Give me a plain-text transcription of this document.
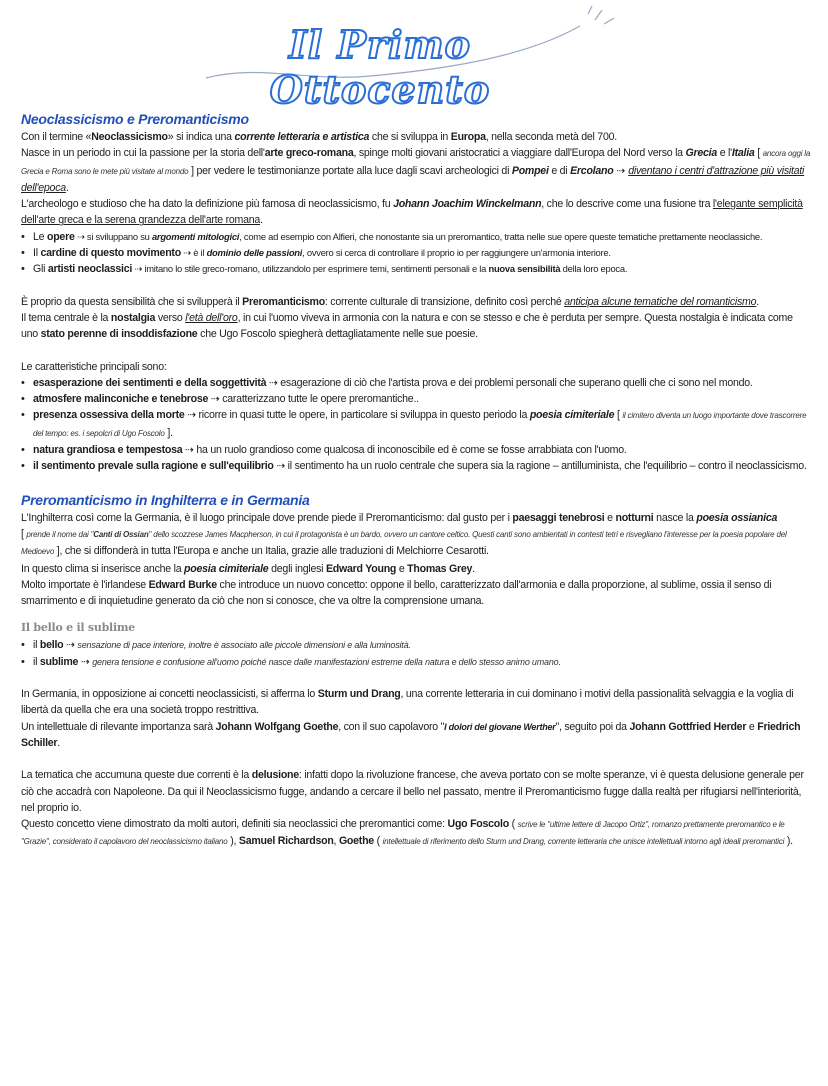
Il Primo Ottocento
Neoclassicismo e Preromanticismo

Con il termine «Neoclassicismo» si indica una corrente letteraria e artistica che si sviluppa in Europa, nella seconda metà del 700.

Nasce in un periodo in cui la passione per la storia dell'arte greco-romana, spinge molti giovani aristocratici a viaggiare dall'Europa del Nord verso la Grecia e l'Italia [ ancora oggi la Grecia e Roma sono le mete più visitate al mondo ] per vedere le testimonianze portate alla luce dagli scavi archeologici di Pompei e di Ercolano ⇢ diventano i centri d'attrazione più visitati dell'epoca.

L'archeologo e studioso che ha dato la definizione più famosa di neoclassicismo, fu Johann Joachim Winckelmann, che lo descrive come una fusione tra l'elegante semplicità dell'arte greca e la serena grandezza dell'arte romana.

• Le opere ⇢ si sviluppano su argomenti mitologici, come ad esempio con Alfieri, che nonostante sia un preromantico, tratta nelle sue opere queste tematiche prettamente neoclassiche.
• Il cardine di questo movimento ⇢ è il dominio delle passioni, ovvero si cerca di controllare il proprio io per raggiungere un'armonia interiore.
• Gli artisti neoclassici ⇢ imitano lo stile greco-romano, utilizzandolo per esprimere temi, sentimenti personali e la nuova sensibilità della loro epoca.

È proprio da questa sensibilità che si svilupperà il Preromanticismo: corrente culturale di transizione, definito così perché anticipa alcune tematiche del romanticismo.

Il tema centrale è la nostalgia verso l'età dell'oro, in cui l'uomo viveva in armonia con la natura e con se stesso e che è perduta per sempre. Questa nostalgia è indicata come uno stato perenne di insoddisfazione che Ugo Foscolo spiegherà dettagliatamente nelle sue poesie.

Le caratteristiche principali sono:

• esasperazione dei sentimenti e della soggettività ⇢ esagerazione di ciò che l'artista prova e dei problemi personali che superano quelli che ci sono nel mondo.
• atmosfere malinconiche e tenebrose ⇢ caratterizzano tutte le opere preromantiche..
• presenza ossessiva della morte ⇢ ricorre in quasi tutte le opere, in particolare si sviluppa in questo periodo la poesia cimiteriale [ il cimitero diventa un luogo importante dove trascorrere del tempo: es. i sepolcri di Ugo Foscolo ].
• natura grandiosa e tempestosa ⇢ ha un ruolo grandioso come qualcosa di inconoscibile ed è come se fosse arrabbiata con l'uomo.
• il sentimento prevale sulla ragione e sull'equilibrio ⇢ il sentimento ha un ruolo centrale che supera sia la ragione – antilluminista, che l'equilibrio – contro il neoclassicismo.
Preromanticismo in Inghilterra e in Germania

L'Inghilterra così come la Germania, è il luogo principale dove prende piede il Preromanticismo: dal gusto per i paesaggi tenebrosi e notturni nasce la poesia ossianica

[ prende il nome dai "Canti di Ossian" dello scozzese James Macpherson, in cui il protagonista è un bardo, ovvero un cantore celtico. Questi canti sono ambientati in contesti tetri e risvegliano l'interesse per la poesia popolare del Medioevo ], che si diffonderà in tutta l'Europa e anche un Italia, grazie alle traduzioni di Melchiorre Cesarotti.

In questo clima si inserisce anche la poesia cimiteriale degli inglesi Edward Young e Thomas Grey.

Molto importate è l'irlandese Edward Burke che introduce un nuovo concetto: oppone il bello, caratterizzato dall'armonia e dalla proporzione, al sublime, ossia il senso di smarrimento e di inquietudine generato da ciò che non si conosce, che va oltre la comprensione umana.

Il bello e il sublime
• il bello ⇢ sensazione di pace interiore, inoltre è associato alle piccole dimensioni e alla luminosità.
• il sublime ⇢ genera tensione e confusione all'uomo poiché nasce dalle manifestazioni estreme della natura e dello stesso animo umano.

In Germania, in opposizione ai concetti neoclassicisti, si afferma lo Sturm und Drang, una corrente letteraria in cui dominano i motivi della passionalità selvaggia e la voglia di libertà da quella che era una società troppo restrittiva.

Un intellettuale di rilevante importanza sarà Johann Wolfgang Goethe, con il suo capolavoro "I dolori del giovane Werther", seguito poi da Johann Gottfried Herder e Friedrich Schiller.

La tematica che accumuna queste due correnti è la delusione: infatti dopo la rivoluzione francese, che aveva portato con se molte speranze, vi è questa delusione generale per ciò che accadrà con Napoleone. Da qui il Neoclassicismo fugge, andando a cercare il bello nel passato, mentre il Preromanticismo fugge dalla realtà per rifugiarsi nell'interiorità, nel proprio io.

Questo concetto viene dimostrato da molti autori, definiti sia neoclassici che preromantici come: Ugo Foscolo ( scrive le "ultime lettere di Jacopo Ortiz", romanzo prettamente preromantico e le "Grazie", considerato il capolavoro del neoclassicismo italiano ), Samuel Richardson, Goethe ( intellettuale di riferimento dello Sturm und Drang, corrente letteraria che unisce intellettuali intorno agli ideali preromantici ).
